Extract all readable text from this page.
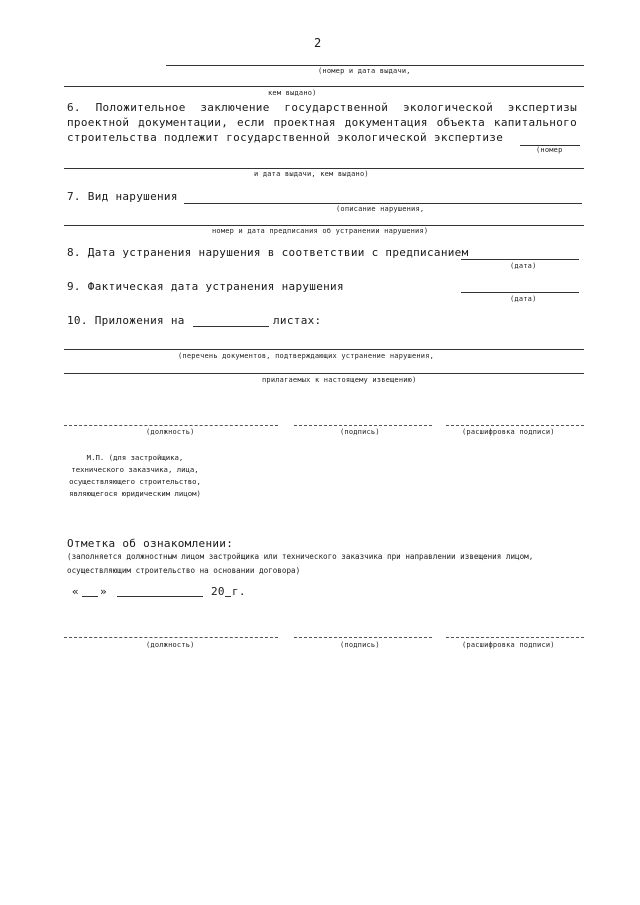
2
(номер и дата выдачи,
кем выдано)
6. Положительное заключение государственной экологической экспертизы
проектной документации, если проектная документация объекта капитального
строительства подлежит государственной экологической экспертизе
(номер
и дата выдачи, кем выдано)
7. Вид нарушения
(описание нарушения,
номер и дата предписания об устранении нарушения)
8. Дата устранения нарушения в соответствии с предписанием
(дата)
9. Фактическая дата устранения нарушения
(дата)
10. Приложения на	листах:
(перечень документов, подтверждающих устранение нарушения,
прилагаемых к настоящему извещению)
(должность)	(подпись)	(расшифровка подписи)
М.П. (для застройщика, технического заказчика, лица, осуществляющего строительство, являющегося юридическим лицом)
Отметка об ознакомлении:
(заполняется должностным лицом застройщика или технического заказчика при направлении извещения лицом, осуществляющим строительство на основании договора)
« »	20 г.
(должность)	(подпись)	(расшифровка подписи)
